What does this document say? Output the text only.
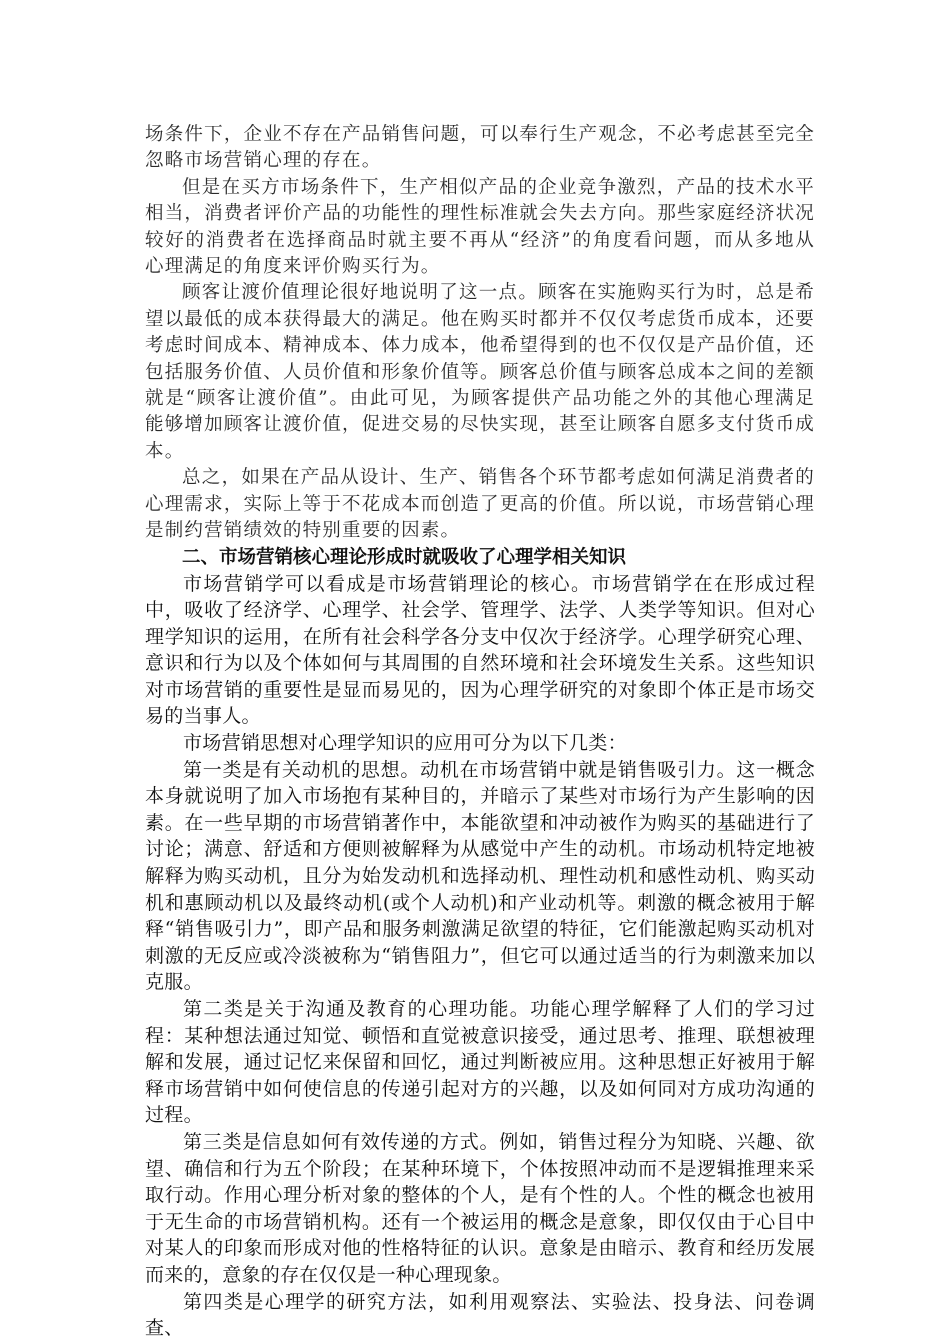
场条件下，企业不存在产品销售问题，可以奉行生产观念，不必考虑甚至完全忽略市场营销心理的存在。

但是在买方市场条件下，生产相似产品的企业竞争激烈，产品的技术水平相当，消费者评价产品的功能性的理性标准就会失去方向。那些家庭经济状况较好的消费者在选择商品时就主要不再从“经济”的角度看问题，而从多地从心理满足的角度来评价购买行为。

顾客让渡价值理论很好地说明了这一点。顾客在实施购买行为时，总是希望以最低的成本获得最大的满足。他在购买时都并不仅仅考虑货币成本，还要考虑时间成本、精神成本、体力成本，他希望得到的也不仅仅是产品价值，还包括服务价值、人员价值和形象价值等。顾客总价值与顾客总成本之间的差额就是“顾客让渡价值”。由此可见，为顾客提供产品功能之外的其他心理满足能够增加顾客让渡价值，促进交易的尽快实现，甚至让顾客自愿多支付货币成本。

总之，如果在产品从设计、生产、销售各个环节都考虑如何满足消费者的心理需求，实际上等于不花成本而创造了更高的价值。所以说，市场营销心理是制约营销绩效的特别重要的因素。

二、市场营销核心理论形成时就吸收了心理学相关知识

市场营销学可以看成是市场营销理论的核心。市场营销学在在形成过程中，吸收了经济学、心理学、社会学、管理学、法学、人类学等知识。但对心理学知识的运用，在所有社会科学各分支中仅次于经济学。心理学研究心理、意识和行为以及个体如何与其周围的自然环境和社会环境发生关系。这些知识对市场营销的重要性是显而易见的，因为心理学研究的对象即个体正是市场交易的当事人。

市场营销思想对心理学知识的应用可分为以下几类：

第一类是有关动机的思想。动机在市场营销中就是销售吸引力。这一概念本身就说明了加入市场抱有某种目的，并暗示了某些对市场行为产生影响的因素。在一些早期的市场营销著作中，本能欲望和冲动被作为购买的基础进行了讨论；满意、舒适和方便则被解释为从感觉中产生的动机。市场动机特定地被解释为购买动机，且分为始发动机和选择动机、理性动机和感性动机、购买动机和惠顾动机以及最终动机(或个人动机)和产业动机等。刺激的概念被用于解释“销售吸引力”，即产品和服务刺激满足欲望的特征，它们能激起购买动机对刺激的无反应或冷淡被称为“销售阻力”，但它可以通过适当的行为刺激来加以克服。

第二类是关于沟通及教育的心理功能。功能心理学解释了人们的学习过程：某种想法通过知觉、顿悟和直觉被意识接受，通过思考、推理、联想被理解和发展，通过记忆来保留和回忆，通过判断被应用。这种思想正好被用于解释市场营销中如何使信息的传递引起对方的兴趣，以及如何同对方成功沟通的过程。

第三类是信息如何有效传递的方式。例如，销售过程分为知晓、兴趣、欲望、确信和行为五个阶段；在某种环境下，个体按照冲动而不是逻辑推理来采取行动。作用心理分析对象的整体的个人，是有个性的人。个性的概念也被用于无生命的市场营销机构。还有一个被运用的概念是意象，即仅仅由于心目中对某人的印象而形成对他的性格特征的认识。意象是由暗示、教育和经历发展而来的，意象的存在仅仅是一种心理现象。

第四类是心理学的研究方法，如利用观察法、实验法、投身法、问卷调查、
